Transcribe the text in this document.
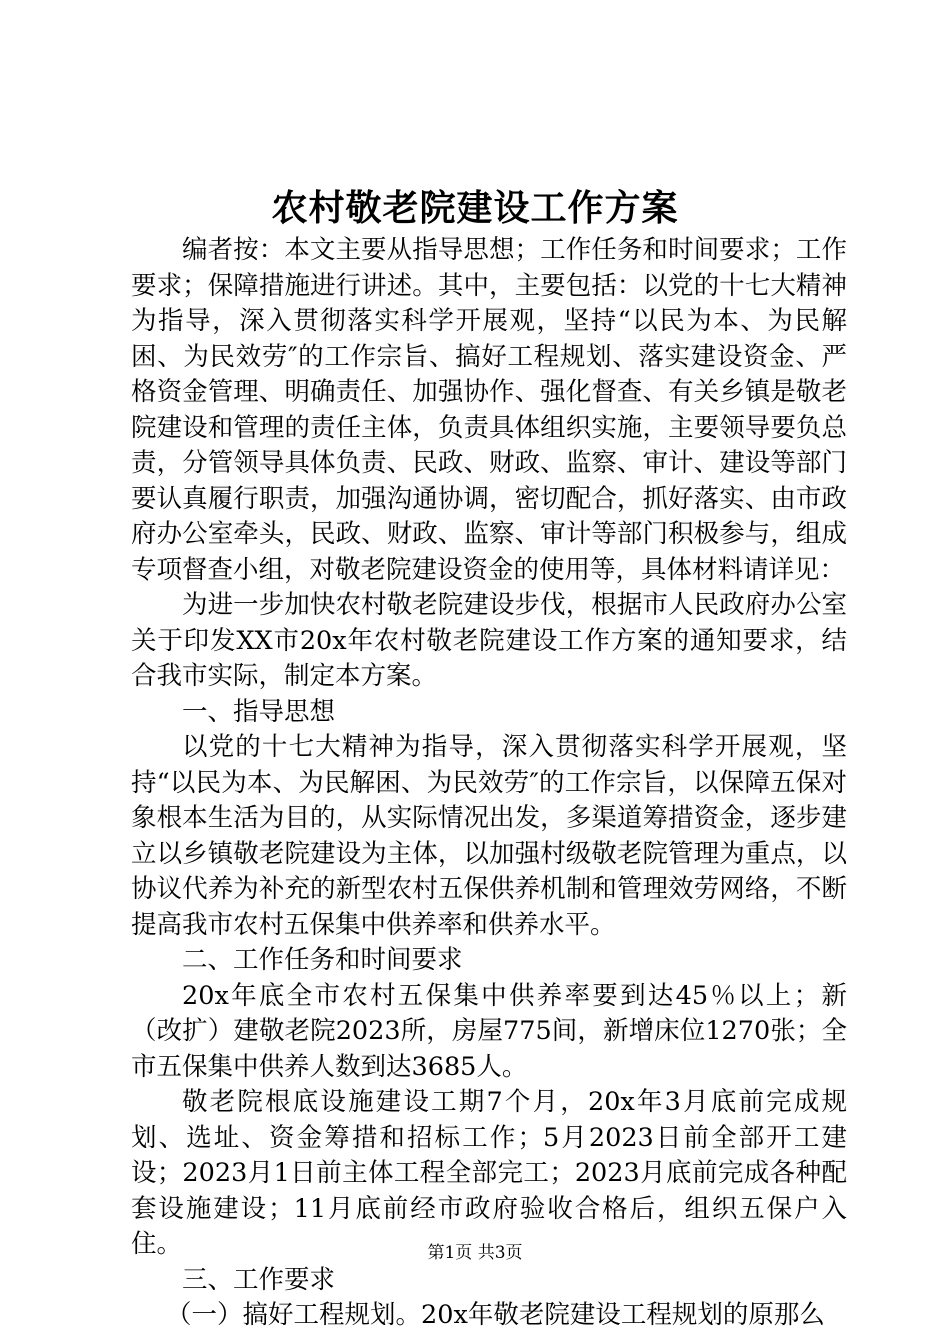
农村敬老院建设工作方案

编者按：本文主要从指导思想；工作任务和时间要求；工作要求；保障措施进行讲述。其中，主要包括：以党的十七大精神为指导，深入贯彻落实科学开展观，坚持“以民为本、为民解困、为民效劳″的工作宗旨、搞好工程规划、落实建设资金、严格资金管理、明确责任、加强协作、强化督查、有关乡镇是敬老院建设和管理的责任主体，负责具体组织实施，主要领导要负总责，分管领导具体负责、民政、财政、监察、审计、建设等部门要认真履行职责，加强沟通协调，密切配合，抓好落实、由市政府办公室牵头，民政、财政、监察、审计等部门积极参与，组成专项督查小组，对敬老院建设资金的使用等，具体材料请详见：

为进一步加快农村敬老院建设步伐，根据市人民政府办公室关于印发XX市20x年农村敬老院建设工作方案的通知要求，结合我市实际，制定本方案。

一、指导思想

以党的十七大精神为指导，深入贯彻落实科学开展观，坚持“以民为本、为民解困、为民效劳″的工作宗旨，以保障五保对象根本生活为目的，从实际情况出发，多渠道筹措资金，逐步建立以乡镇敬老院建设为主体，以加强村级敬老院管理为重点，以协议代养为补充的新型农村五保供养机制和管理效劳网络，不断提高我市农村五保集中供养率和供养水平。

二、工作任务和时间要求

20x年底全市农村五保集中供养率要到达45％以上；新（改扩）建敬老院2023所，房屋775间，新增床位1270张；全市五保集中供养人数到达3685人。

敬老院根底设施建设工期7个月，20x年3月底前完成规划、选址、资金筹措和招标工作；5月2023日前全部开工建设；2023月1日前主体工程全部完工；2023月底前完成各种配套设施建设；11月底前经市政府验收合格后，组织五保户入住。

三、工作要求

（一）搞好工程规划。20x年敬老院建设工程规划的原那么

第1页 共3页
